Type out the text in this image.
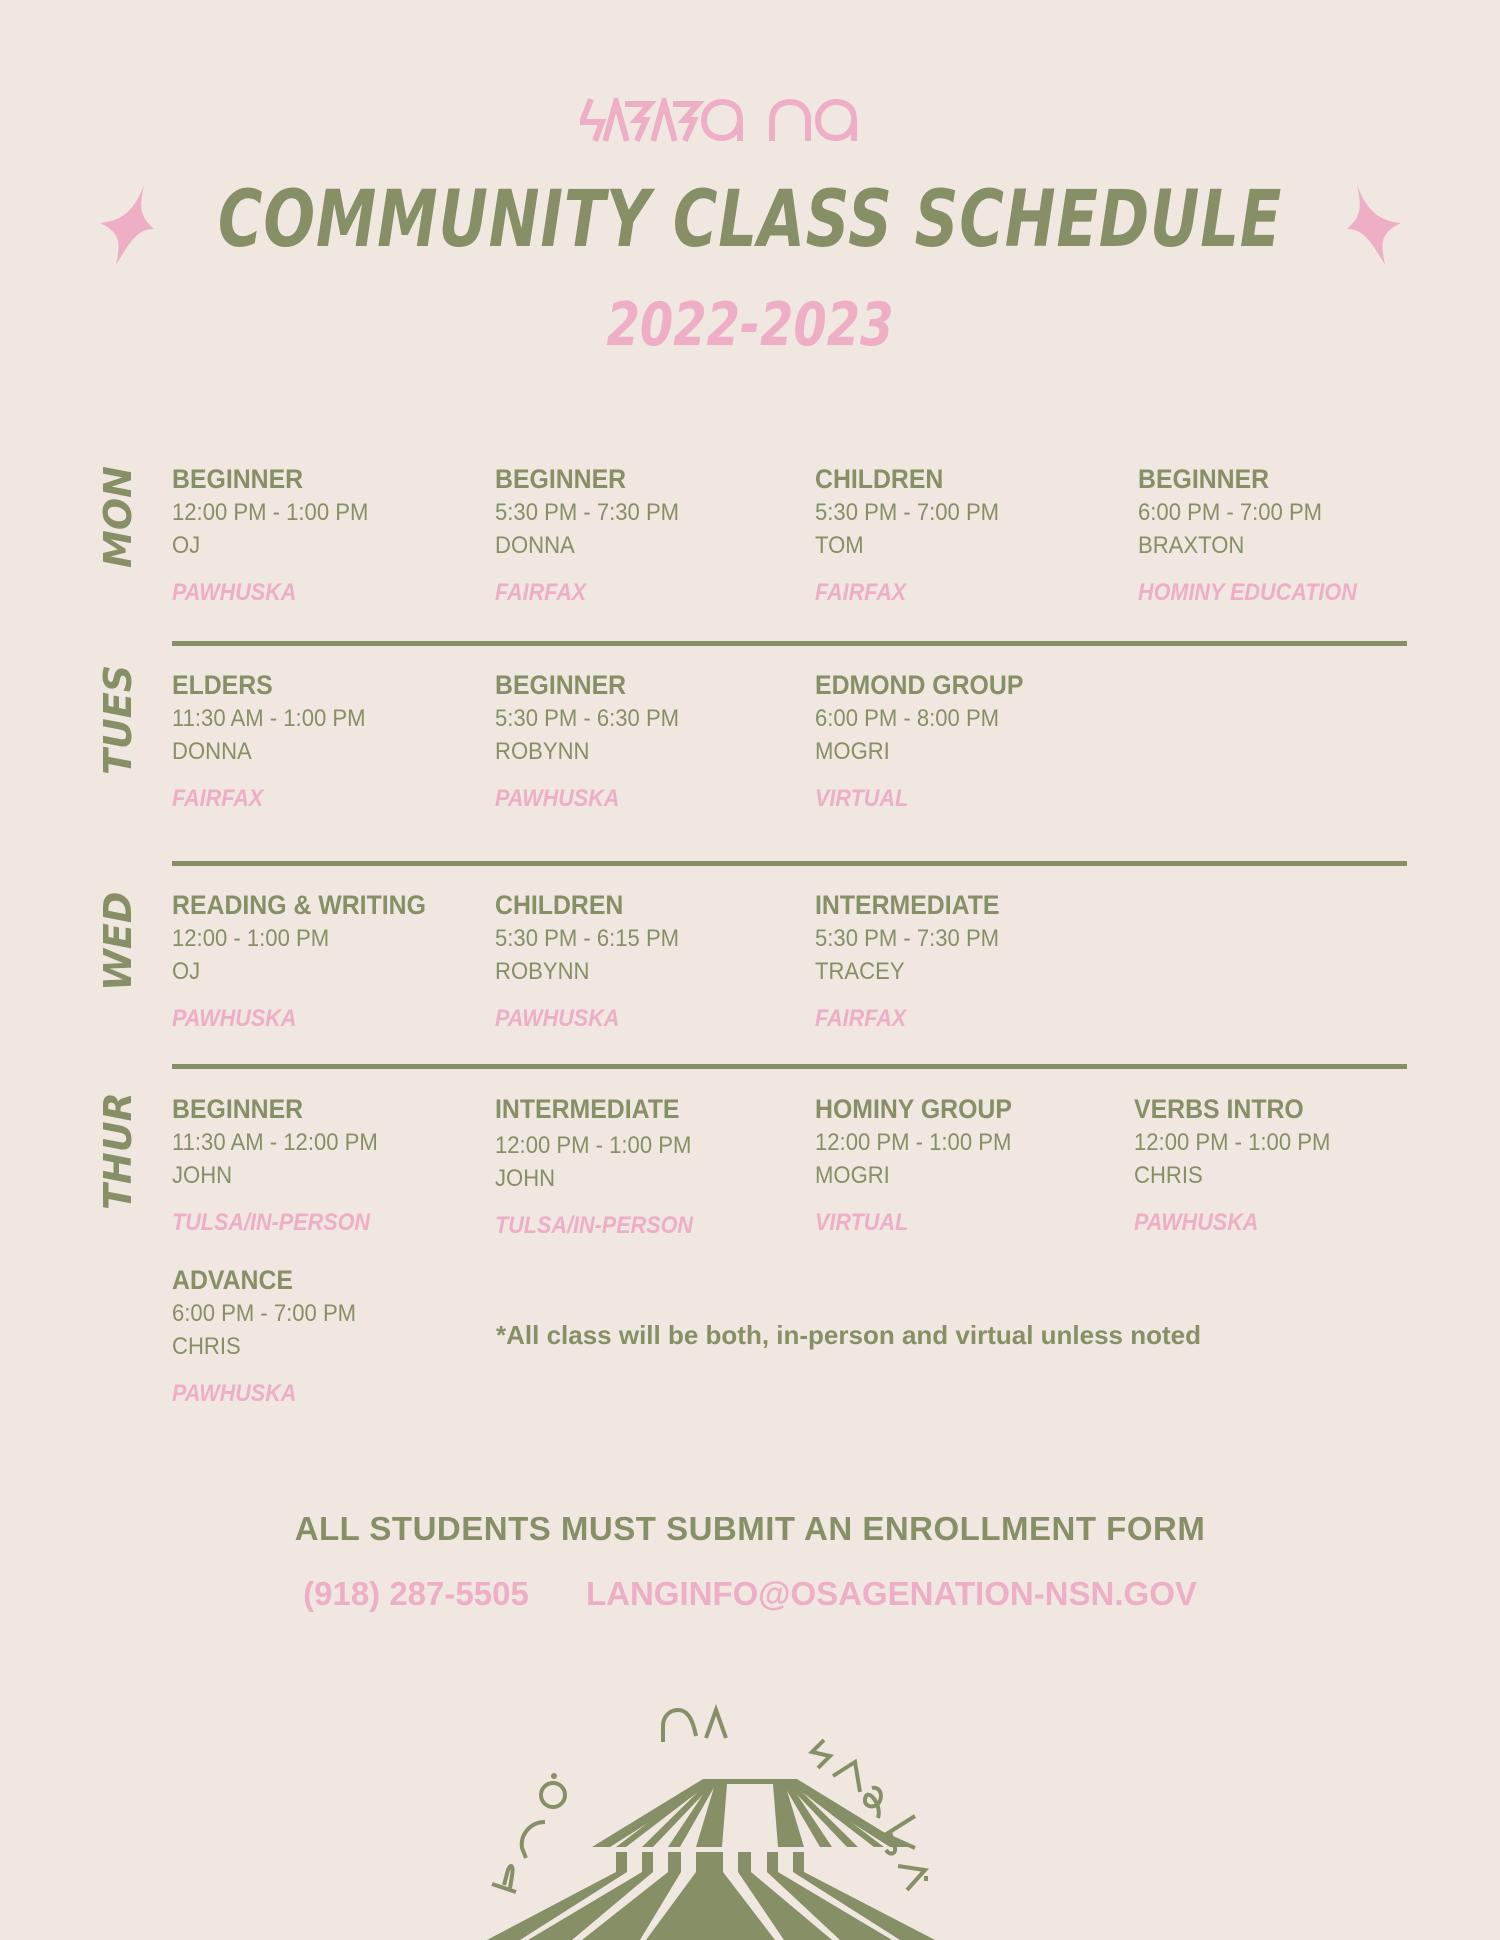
COMMUNITY CLASS SCHEDULE
2022-2023
MON BEGINNER
12:00 PM - 1:00 PM
OJ
PAWHUSKA
BEGINNER
5:30 PM - 7:30 PM
DONNA
FAIRFAX
CHILDREN
5:30 PM - 7:00 PM
TOM
FAIRFAX
BEGINNER
6:00 PM - 7:00 PM
BRAXTON
HOMINY EDUCATION
TUES ELDERS
11:30 AM - 1:00 PM
DONNA
FAIRFAX
BEGINNER
5:30 PM - 6:30 PM
ROBYNN
PAWHUSKA
EDMOND GROUP
6:00 PM - 8:00 PM
MOGRI
VIRTUAL
WED READING & WRITING
12:00 - 1:00 PM
OJ
PAWHUSKA
CHILDREN
5:30 PM - 6:15 PM
ROBYNN
PAWHUSKA
INTERMEDIATE
5:30 PM - 7:30 PM
TRACEY
FAIRFAX
THUR BEGINNER
11:30 AM - 12:00 PM
JOHN
TULSA/IN-PERSON
INTERMEDIATE
12:00 PM - 1:00 PM
JOHN
TULSA/IN-PERSON
HOMINY GROUP
12:00 PM - 1:00 PM
MOGRI
VIRTUAL
VERBS INTRO
12:00 PM - 1:00 PM
CHRIS
PAWHUSKA
ADVANCE
6:00 PM - 7:00 PM
CHRIS
PAWHUSKA
*All class will be both, in-person and virtual unless noted
ALL STUDENTS MUST SUBMIT AN ENROLLMENT FORM
(918) 287-5505 LANGINFO@OSAGENATION-NSN.GOV
